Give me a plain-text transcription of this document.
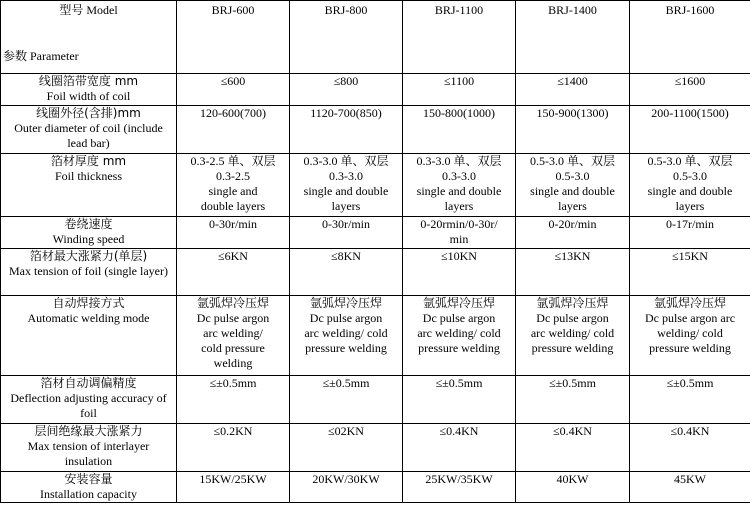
型号 Model
参数 Parameter	BRJ-600	BRJ-800	BRJ-1100	BRJ-1400	BRJ-1600

线圈箔带宽度 mm
Foil width of coil	≤600	≤800	≤1100	≤1400	≤1600

线圈外径(含排)mm
Outer diameter of coil (include lead bar)	120-600(700)	1120-700(850)	150-800(1000)	150-900(1300)	200-1100(1500)

箔材厚度 mm
Foil thickness	0.3-2.5 单、双层
0.3-2.5
single and
double layers	0.3-3.0 单、双层
0.3-3.0
single and double
layers	0.3-3.0 单、双层
0.3-3.0
single and double
layers	0.5-3.0 单、双层
0.5-3.0
single and double
layers	0.5-3.0 单、双层
0.5-3.0
single and double
layers

卷绕速度
Winding speed	0-30r/min	0-30r/min	0-20rmin/0-30r/
min	0-20r/min	0-17r/min

箔材最大涨紧力(单层)
Max tension of foil (single layer)	≤6KN	≤8KN	≤10KN	≤13KN	≤15KN

自动焊接方式
Automatic welding mode	氩弧焊冷压焊
Dc pulse argon
arc welding/
cold pressure
welding	氩弧焊冷压焊
Dc pulse argon
arc welding/ cold
pressure welding	氩弧焊冷压焊
Dc pulse argon
arc welding/ cold
pressure welding	氩弧焊冷压焊
Dc pulse argon
arc welding/ cold
pressure welding	氩弧焊冷压焊
Dc pulse argon arc
welding/ cold
pressure welding

箔材自动调偏精度
Deflection adjusting accuracy of foil	≤±0.5mm	≤±0.5mm	≤±0.5mm	≤±0.5mm	≤±0.5mm

层间绝缘最大涨紧力
Max tension of interlayer insulation	≤0.2KN	≤02KN	≤0.4KN	≤0.4KN	≤0.4KN

安装容量
Installation capacity	15KW/25KW	20KW/30KW	25KW/35KW	40KW	45KW
